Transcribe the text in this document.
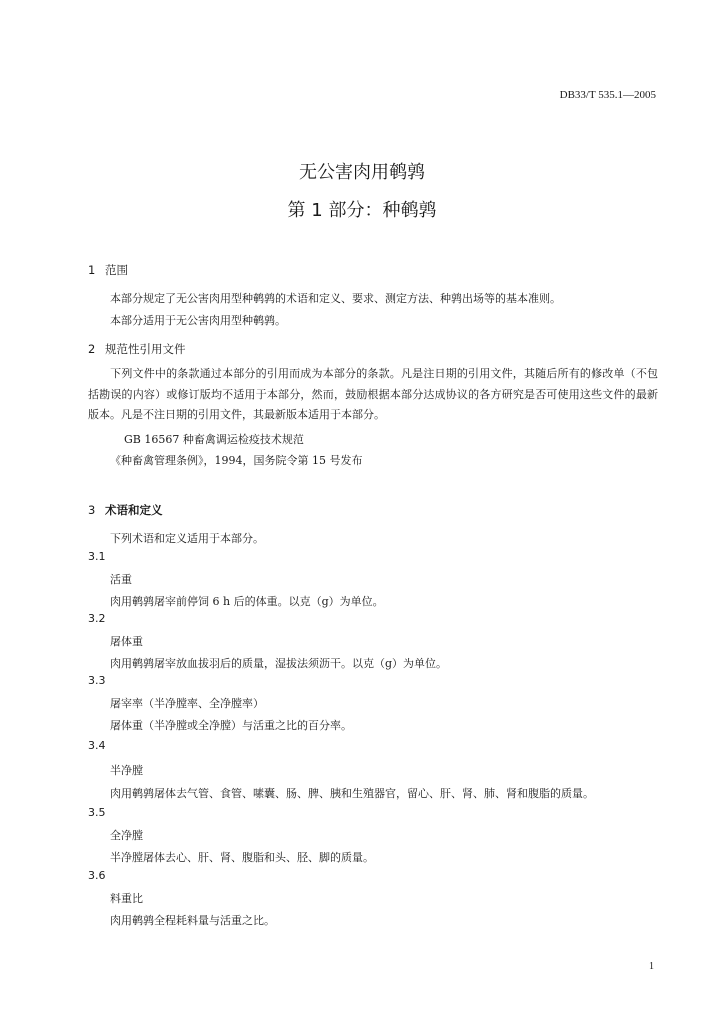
DB33/T 535.1—2005
无公害肉用鹌鹑
第 1 部分：种鹌鹑
1 范围
本部分规定了无公害肉用型种鹌鹑的术语和定义、要求、测定方法、种鹑出场等的基本准则。
本部分适用于无公害肉用型种鹌鹑。
2 规范性引用文件
下列文件中的条款通过本部分的引用而成为本部分的条款。凡是注日期的引用文件，其随后所有的修改单（不包括勘误的内容）或修订版均不适用于本部分，然而，鼓励根据本部分达成协议的各方研究是否可使用这些文件的最新版本。凡是不注日期的引用文件，其最新版本适用于本部分。
GB 16567 种畜禽调运检疫技术规范
《种畜禽管理条例》，1994，国务院令第 15 号发布
3 术语和定义
下列术语和定义适用于本部分。
3.1
活重
肉用鹌鹑屠宰前停饲 6 h 后的体重。以克（g）为单位。
3.2
屠体重
肉用鹌鹑屠宰放血拔羽后的质量，湿拔法须沥干。以克（g）为单位。
3.3
屠宰率（半净膛率、全净膛率）
屠体重（半净膛或全净膛）与活重之比的百分率。
3.4
半净膛
肉用鹌鹑屠体去气管、食管、嗉囊、肠、脾、胰和生殖器官，留心、肝、肾、肺、肾和腹脂的质量。
3.5
全净膛
半净膛屠体去心、肝、肾、腹脂和头、胫、脚的质量。
3.6
料重比
肉用鹌鹑全程耗料量与活重之比。
1
